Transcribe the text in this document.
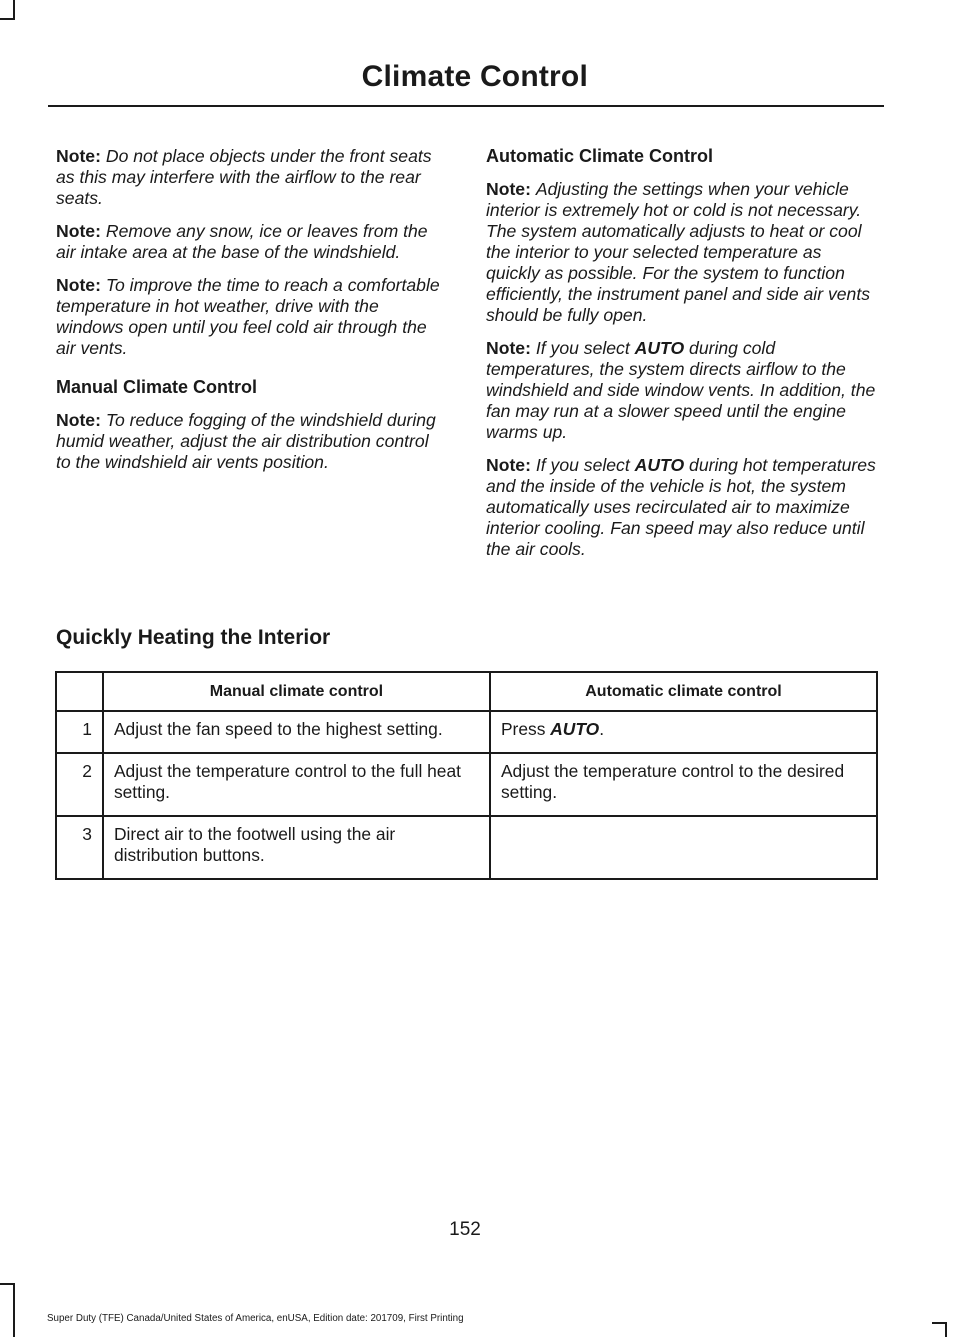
Climate Control

Note: Do not place objects under the front seats as this may interfere with the airflow to the rear seats.

Note: Remove any snow, ice or leaves from the air intake area at the base of the windshield.

Note: To improve the time to reach a comfortable temperature in hot weather, drive with the windows open until you feel cold air through the air vents.

Manual Climate Control

Note: To reduce fogging of the windshield during humid weather, adjust the air distribution control to the windshield air vents position.

Automatic Climate Control

Note: Adjusting the settings when your vehicle interior is extremely hot or cold is not necessary. The system automatically adjusts to heat or cool the interior to your selected temperature as quickly as possible. For the system to function efficiently, the instrument panel and side air vents should be fully open.

Note: If you select AUTO during cold temperatures, the system directs airflow to the windshield and side window vents. In addition, the fan may run at a slower speed until the engine warms up.

Note: If you select AUTO during hot temperatures and the inside of the vehicle is hot, the system automatically uses recirculated air to maximize interior cooling. Fan speed may also reduce until the air cools.

Quickly Heating the Interior
	Manual climate control	Automatic climate control
1	Adjust the fan speed to the highest setting.	Press AUTO.
2	Adjust the temperature control to the full heat setting.	Adjust the temperature control to the desired setting.
3	Direct air to the footwell using the air distribution buttons.	
152
Super Duty (TFE) Canada/United States of America, enUSA, Edition date: 201709, First Printing
